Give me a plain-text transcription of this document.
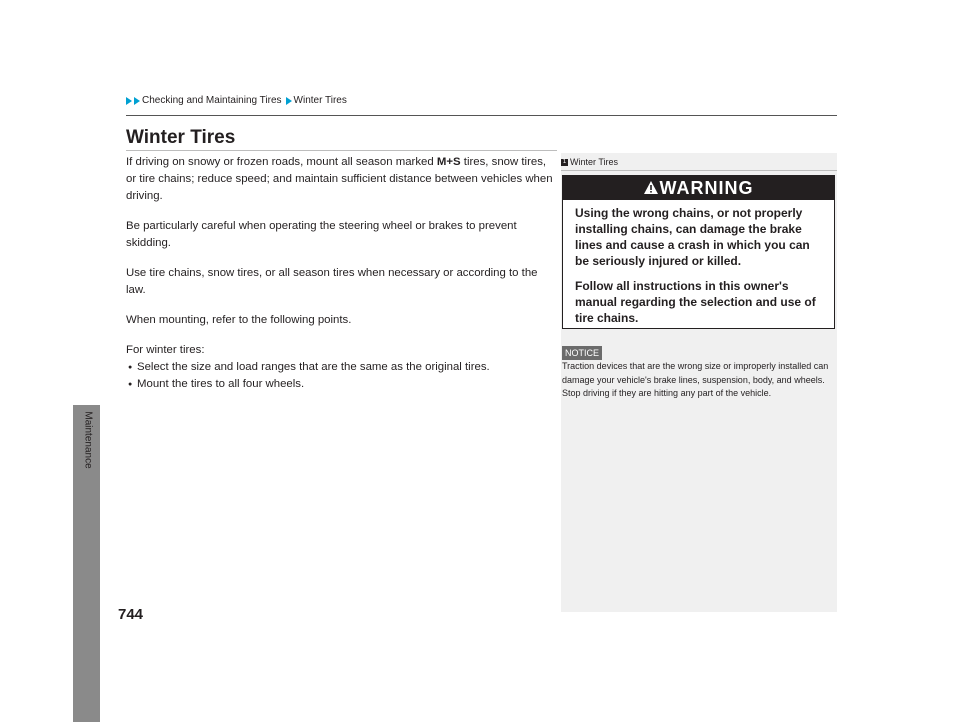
Maintenance
Checking and Maintaining Tires Winter Tires
Winter Tires

If driving on snowy or frozen roads, mount all season marked M+S tires, snow tires, or tire chains; reduce speed; and maintain sufficient distance between vehicles when driving.

Be particularly careful when operating the steering wheel or brakes to prevent skidding.

Use tire chains, snow tires, or all season tires when necessary or according to the law.

When mounting, refer to the following points.

For winter tires:

● Select the size and load ranges that are the same as the original tires.
● Mount the tires to all four wheels.
1 Winter Tires
WARNING

Using the wrong chains, or not properly installing chains, can damage the brake lines and cause a crash in which you can be seriously injured or killed.

Follow all instructions in this owner's manual regarding the selection and use of tire chains.

NOTICE
Traction devices that are the wrong size or improperly installed can damage your vehicle's brake lines, suspension, body, and wheels. Stop driving if they are hitting any part of the vehicle.
744
